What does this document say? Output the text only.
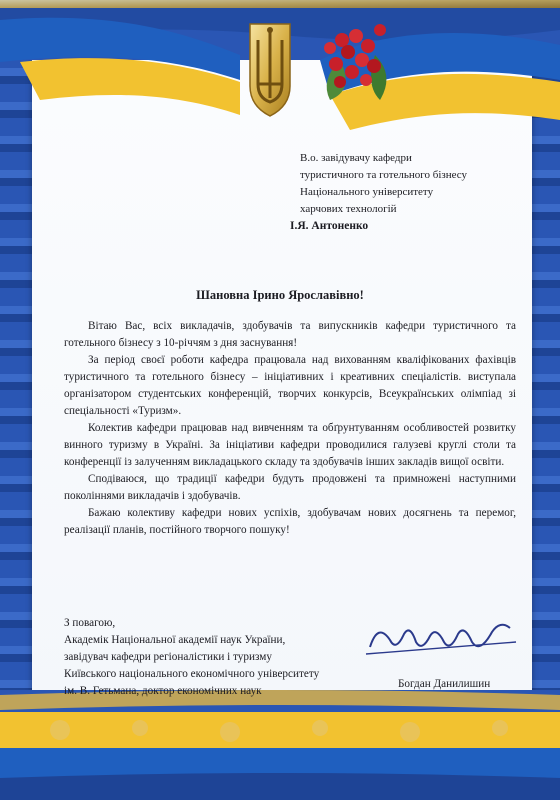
В.о. завідувачу кафедри
туристичного та готельного бізнесу
Національного університету
харчових технологій
І.Я. Антоненко
Шановна Ірино Ярославівно!

Вітаю Вас, всіх викладачів, здобувачів та випускників кафедри туристичного та готельного бізнесу з 10-річчям з дня заснування!

За період своєї роботи кафедра працювала над вихованням кваліфікованих фахівців туристичного та готельного бізнесу – ініціативних і креативних спеціалістів. виступала організатором студентських конференцій, творчих конкурсів, Всеукраїнських олімпіад зі спеціальності «Туризм».

Колектив кафедри працював над вивченням та обґрунтуванням особливостей розвитку винного туризму в Україні. За ініціативи кафедри проводилися галузеві круглі столи та конференції із залученням викладацького складу та здобувачів інших закладів вищої освіти.

Сподіваюся, що традиції кафедри будуть продовжені та примножені наступними поколіннями викладачів і здобувачів.

Бажаю колективу кафедри нових успіхів, здобувачам нових досягнень та перемог, реалізації планів, постійного творчого пошуку!

З повагою,
Академік Національної академії наук України,
завідувач кафедри регіоналістики і туризму
Київського національного економічного університету
ім. В. Гетьмана, доктор економічних наук
Богдан Данилишин
